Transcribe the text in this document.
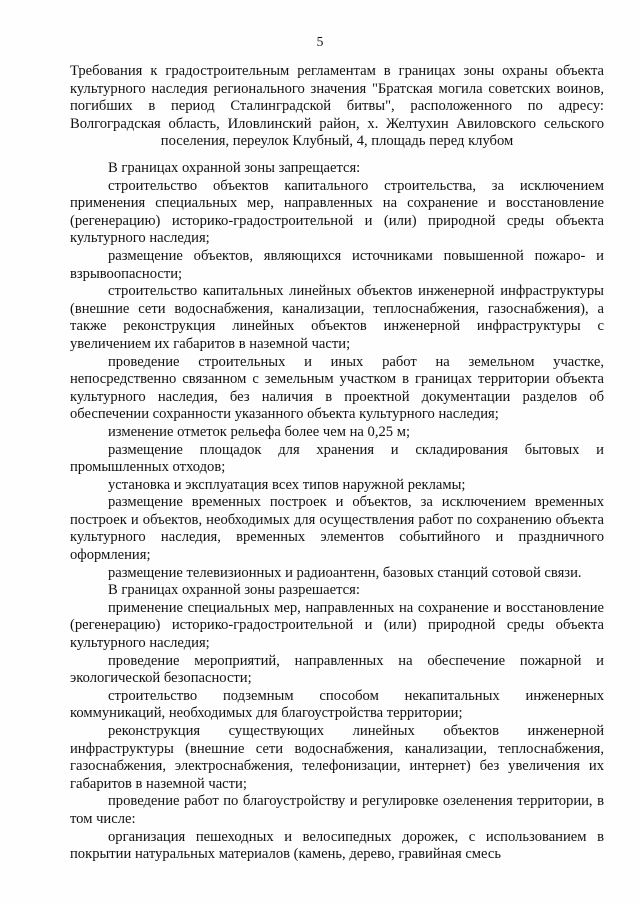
5
Требования к градостроительным регламентам в границах зоны охраны объекта культурного наследия регионального значения "Братская могила советских воинов, погибших в период Сталинградской битвы", расположенного по адресу: Волгоградская область, Иловлинский район, х. Желтухин Авиловского сельского поселения, переулок Клубный, 4, площадь перед клубом

В границах охранной зоны запрещается:

строительство объектов капитального строительства, за исключением применения специальных мер, направленных на сохранение и восстановление (регенерацию) историко-градостроительной и (или) природной среды объекта культурного наследия;

размещение объектов, являющихся источниками повышенной пожаро- и взрывоопасности;

строительство капитальных линейных объектов инженерной инфраструктуры (внешние сети водоснабжения, канализации, теплоснабжения, газоснабжения), а также реконструкция линейных объектов инженерной инфраструктуры с увеличением их габаритов в наземной части;

проведение строительных и иных работ на земельном участке, непосредственно связанном с земельным участком в границах территории объекта культурного наследия, без наличия в проектной документации разделов об обеспечении сохранности указанного объекта культурного наследия;

изменение отметок рельефа более чем на 0,25 м;

размещение площадок для хранения и складирования бытовых и промышленных отходов;

установка и эксплуатация всех типов наружной рекламы;

размещение временных построек и объектов, за исключением временных построек и объектов, необходимых для осуществления работ по сохранению объекта культурного наследия, временных элементов событийного и праздничного оформления;

размещение телевизионных и радиоантенн, базовых станций сотовой связи.

В границах охранной зоны разрешается:

применение специальных мер, направленных на сохранение и восстановление (регенерацию) историко-градостроительной и (или) природной среды объекта культурного наследия;

проведение мероприятий, направленных на обеспечение пожарной и экологической безопасности;

строительство подземным способом некапитальных инженерных коммуникаций, необходимых для благоустройства территории;

реконструкция существующих линейных объектов инженерной инфраструктуры (внешние сети водоснабжения, канализации, теплоснабжения, газоснабжения, электроснабжения, телефонизации, интернет) без увеличения их габаритов в наземной части;

проведение работ по благоустройству и регулировке озеленения территории, в том числе:

организация пешеходных и велосипедных дорожек, с использованием в покрытии натуральных материалов (камень, дерево, гравийная смесь
